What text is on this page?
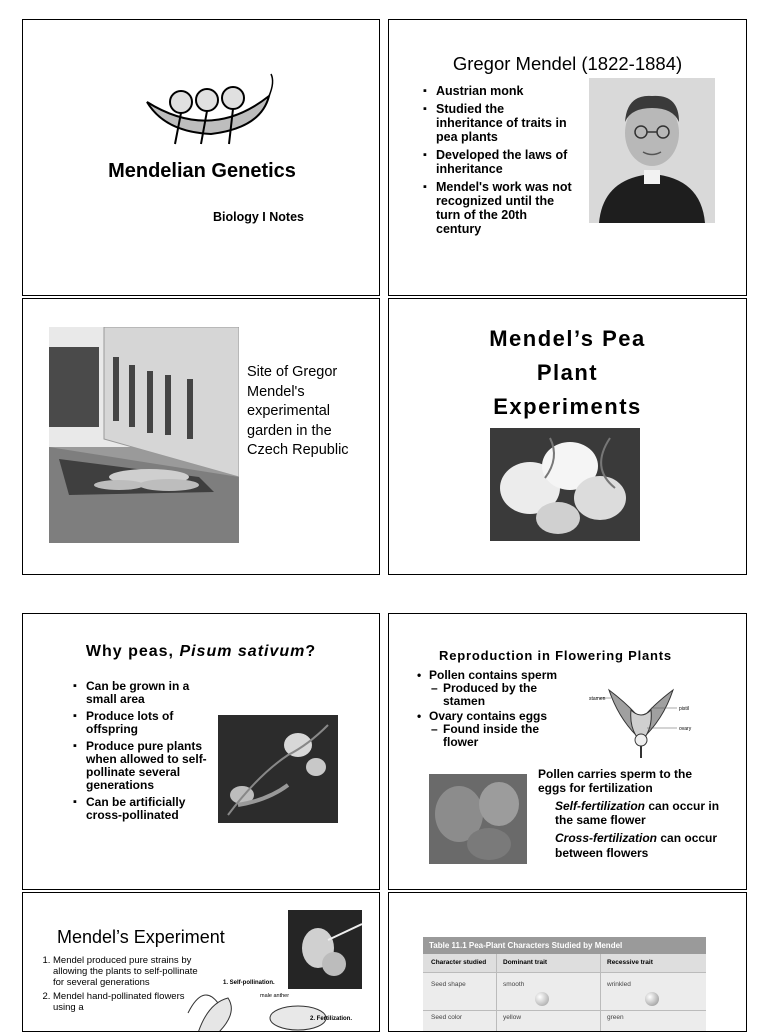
Mendelian Genetics
Biology I Notes
Gregor Mendel (1822-1884)
▪ Austrian monk
▪ Studied the inheritance of traits in pea plants
▪ Developed the laws of inheritance
▪ Mendel's work was not recognized until the turn of the 20th century
Site of Gregor Mendel's experimental garden in the Czech Republic
Mendel’s Pea
Plant
Experiments
Why peas, Pisum sativum?
▪ Can be grown in a small area
▪ Produce lots of offspring
▪ Produce pure plants when allowed to self-pollinate several generations
▪ Can be artificially cross-pollinated
Reproduction in Flowering Plants
• Pollen contains sperm
– Produced by the stamen
• Ovary contains eggs
– Found inside the flower
stamen
pistil
ovary
Pollen carries sperm to the eggs for fertilization
Self-fertilization can occur in the same flower
Cross-fertilization can occur between flowers
Mendel’s Experiment
1. Mendel produced pure strains by allowing the plants to self-pollinate for several generations
2. Mendel hand-pollinated flowers using a
1. Self-pollination.
male anther
2. Fertilization.
Table 11.1 Pea-Plant Characters Studied by Mendel
Character studied	Dominant trait	Recessive trait
Seed shape	smooth	wrinkled
Seed color	yellow	green
